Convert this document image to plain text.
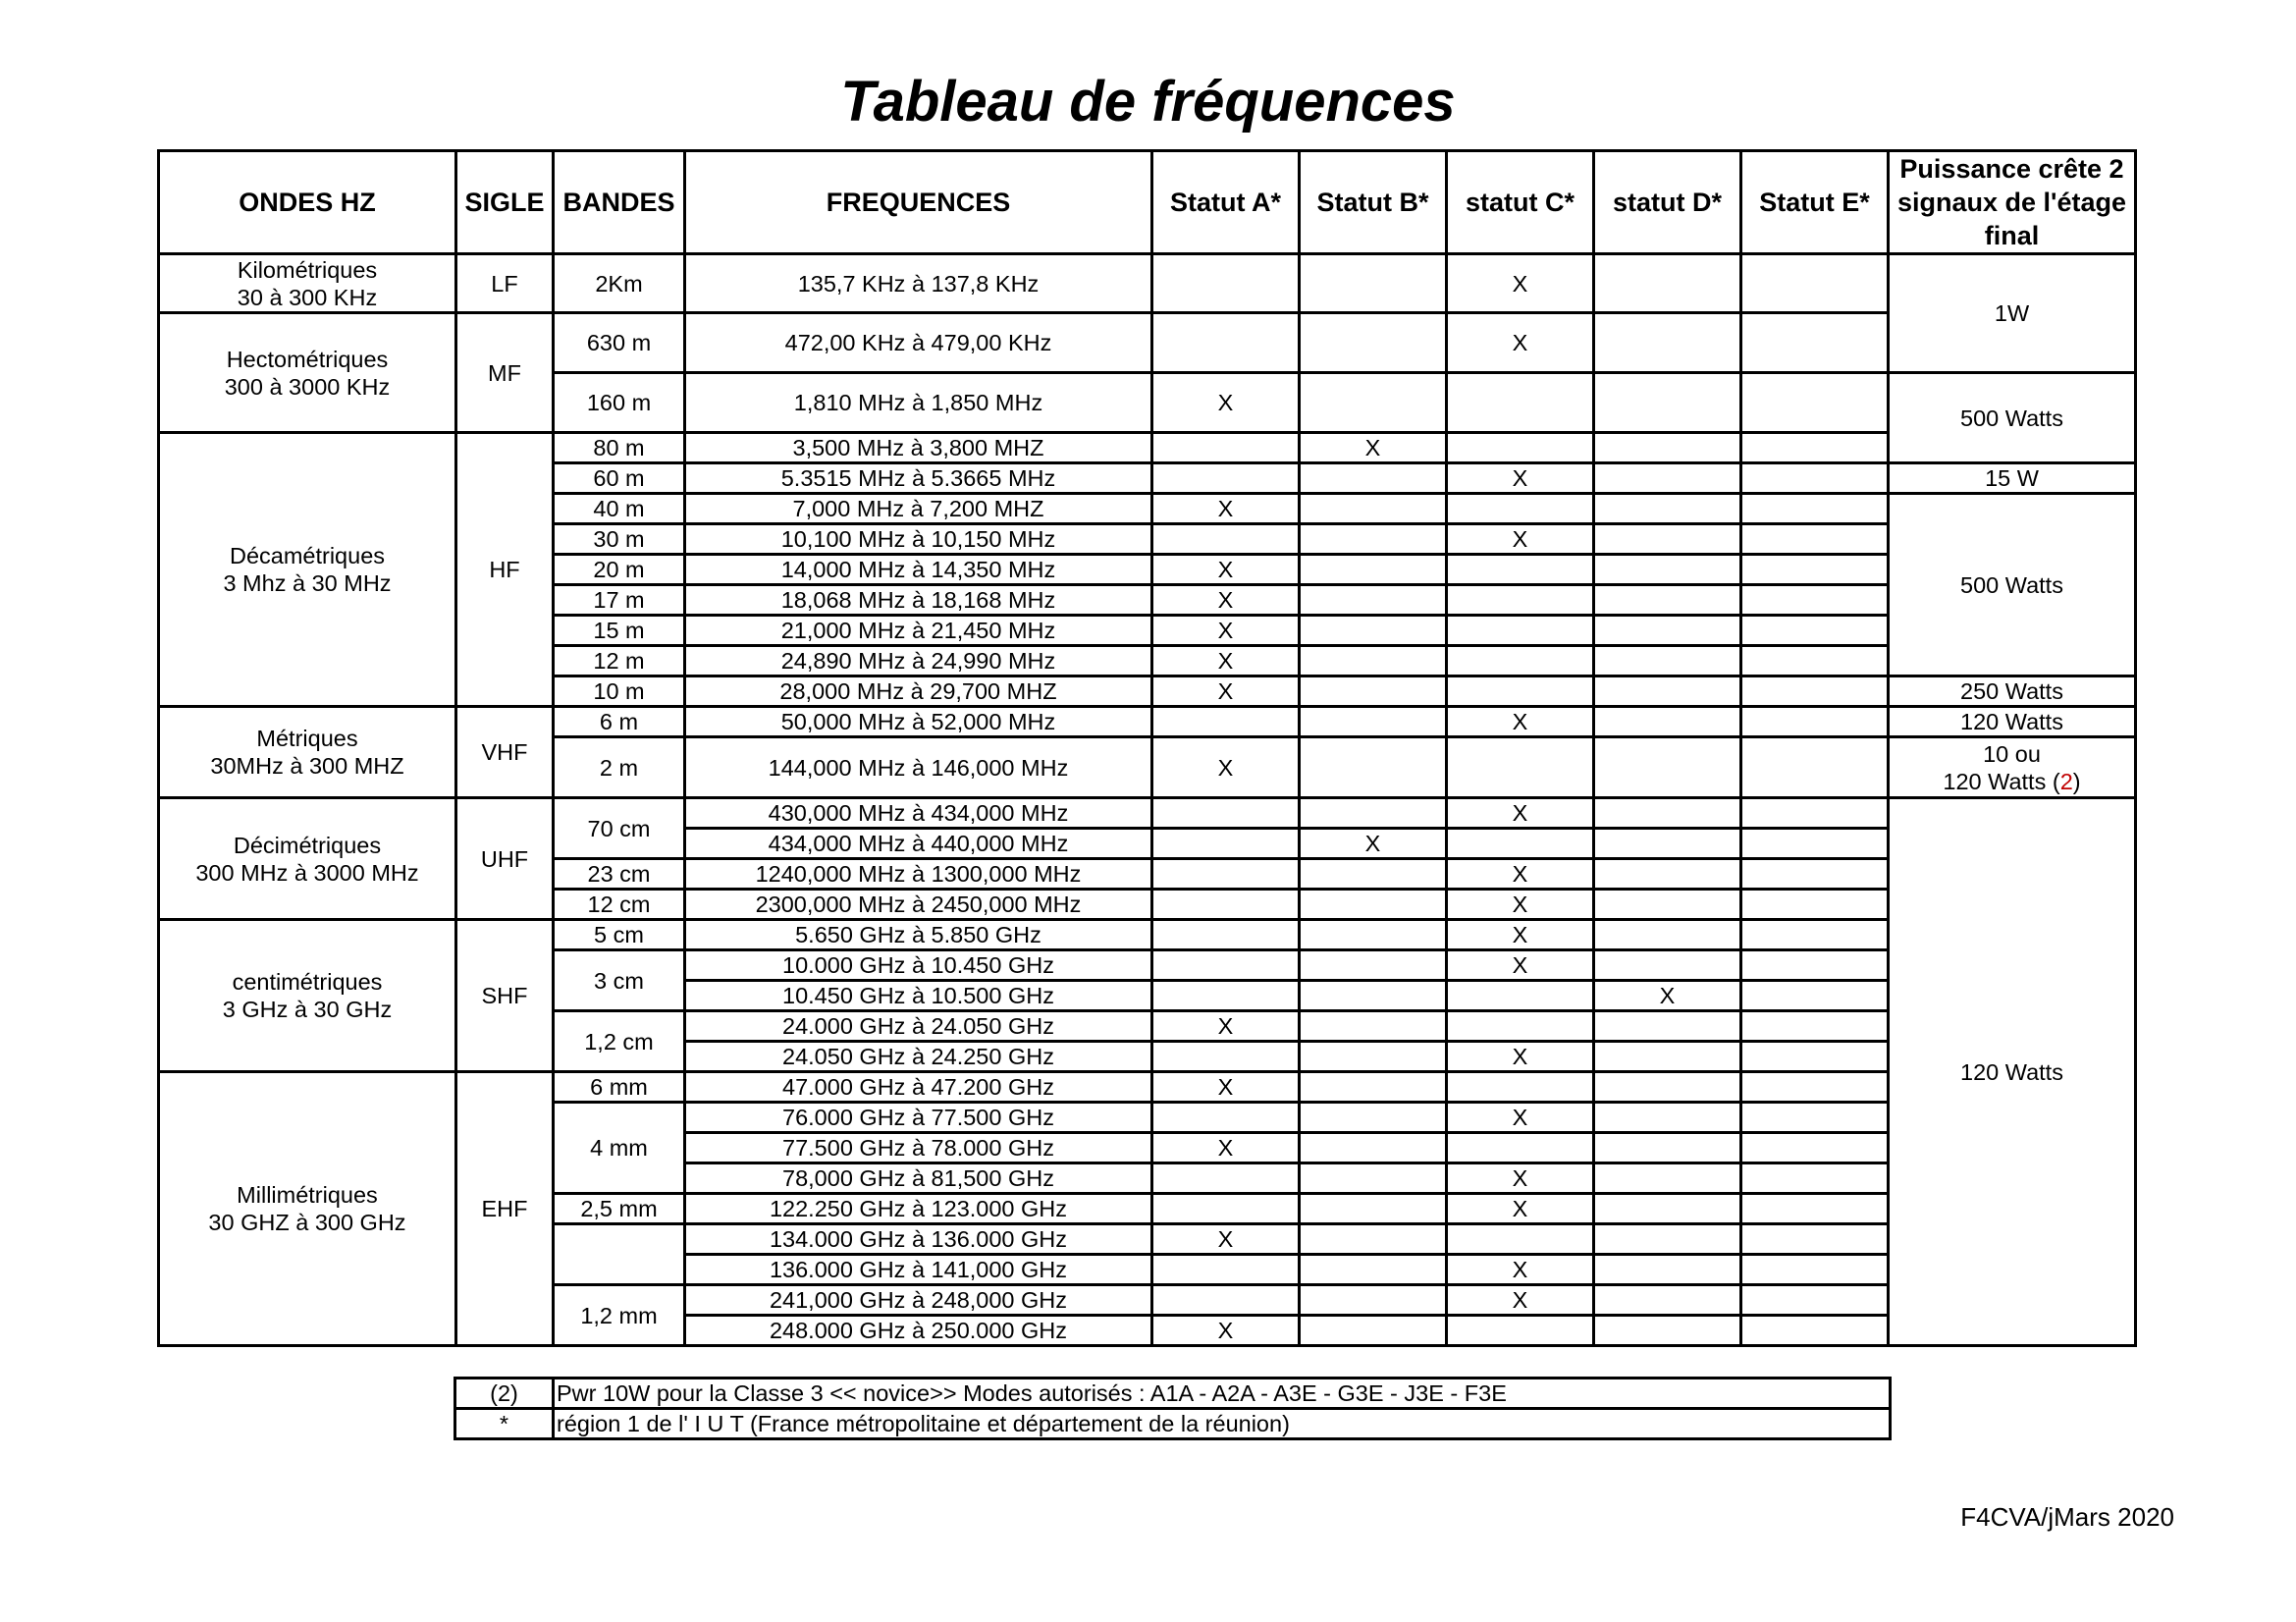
Tableau de fréquences
ONDES HZ	SIGLE	BANDES	FREQUENCES	Statut A*	Statut B*	statut C*	statut D*	Statut E*	Puissance crête 2 signaux de l'étage final
Kilométriques
30 à 300 KHz	LF	2Km	135,7 KHz à 137,8 KHz			X			1W
Hectométriques
300 à 3000 KHz	MF	630 m	472,00 KHz à 479,00 KHz			X			
		160 m	1,810 MHz à 1,850 MHz	X					500 Watts
Décamétriques
3 Mhz à 30 MHz	HF	80 m	3,500 MHz à 3,800 MHZ		X				
		60 m	5.3515 MHz à 5.3665 MHz			X			15 W
		40 m	7,000 MHz à 7,200 MHZ	X					500 Watts
		30 m	10,100 MHz à 10,150 MHz			X			
		20 m	14,000 MHz à 14,350 MHz	X					
		17 m	18,068 MHz à 18,168 MHz	X					
		15 m	21,000 MHz à 21,450 MHz	X					
		12 m	24,890 MHz à 24,990 MHz	X					
		10 m	28,000 MHz à 29,700 MHZ	X					250 Watts
Métriques
30MHz à 300 MHZ	VHF	6 m	50,000 MHz à 52,000 MHz			X			120 Watts
		2 m	144,000 MHz à 146,000 MHz	X					10 ou
120 Watts (2)
Décimétriques
300 MHz à 3000 MHz	UHF	70 cm	430,000 MHz à 434,000 MHz			X			120 Watts
			434,000 MHz à 440,000 MHz		X				
		23 cm	1240,000 MHz à 1300,000 MHz			X			
		12 cm	2300,000 MHz à 2450,000 MHz			X			
centimétriques
3 GHz à 30 GHz	SHF	5 cm	5.650 GHz à 5.850 GHz			X			
		3 cm	10.000 GHz à 10.450 GHz			X			
			10.450 GHz à 10.500 GHz				X		
		1,2 cm	24.000 GHz à 24.050 GHz	X					
			24.050 GHz à 24.250 GHz			X			
Millimétriques
30 GHZ à 300 GHz	EHF	6 mm	47.000 GHz à 47.200 GHz	X					
		4 mm	76.000 GHz à 77.500 GHz			X			
			77.500 GHz à 78.000 GHz	X					
			78,000 GHz à 81,500 GHz			X			
		2,5 mm	122.250 GHz à 123.000 GHz			X			
			134.000 GHz à 136.000 GHz	X					
			136.000 GHz à 141,000 GHz			X			
		1,2 mm	241,000 GHz à 248,000 GHz			X			
			248.000 GHz à 250.000 GHz	X					
(2)	Pwr 10W pour la Classe 3 << novice>> Modes autorisés : A1A - A2A - A3E - G3E - J3E - F3E
*	région 1 de l' I U T (France métropolitaine et département de la réunion)
F4CVA/jMars 2020
